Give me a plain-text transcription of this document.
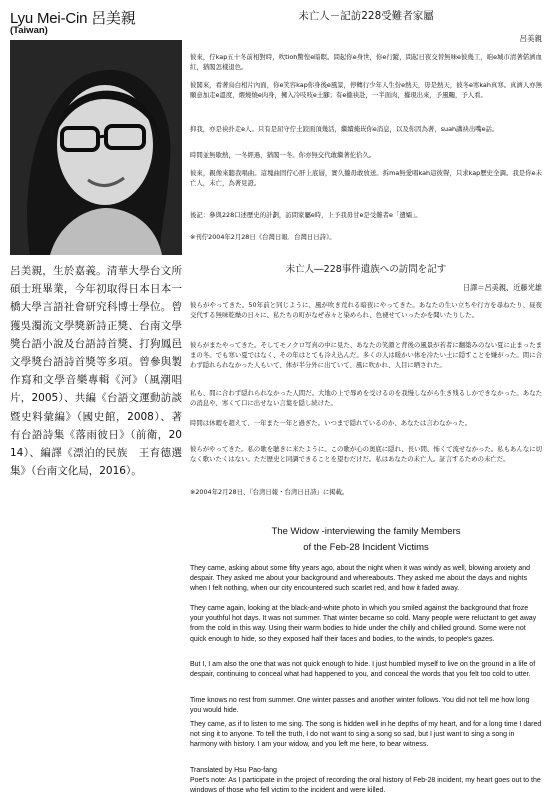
Lyu Mei-Cin 呂美親
(Taiwan)

呂美親，生於嘉義。清華大學台文所碩士班畢業，今年初取得日本日本一橋大學言語社會研究科博士學位。曾獲吳濁流文學獎新詩正獎、台南文學獎台語小說及台語詩首獎、打狗鳳邑文學獎台語詩首獎等多項。曾參與製作寫和文學音樂專輯《河》（風潮唱片，2005）、共編《台語文運動訪談暨史料彙編》（國史館，2008）、著有台語詩集《落雨彼日》（前衛，2014）、編譯《漂泊的民族　王育德選集》（台南文化局，2016）。

未亡人－記訪228受難者家屬

呂美親

彼來，佇kap五十冬前相對時，吹tioh驚惶e暗瞑。問起你e身世，你e行蹤，問起日夜交替無味e彼幾工，咱e城市清著偌濟血紅，猶閣怎樣退色。

彼閣來，看著烏白相片內面，你e笑容kap你身後e風景，停轉行少年人生份e熱天，毋是熱天，彼冬e寒kah真寒。真濟人亦無願意加走e溫度，煨燒燒e肉身，擁入冷吱吱e土腳；有e攏袂赴，一半面肉，據現出來，予風颺，予人看。

抑我，亦是袂扑走e人。只有是屈守佇土跤面頂幾活，繼續掩崁你e消息，以及你因為著，suah講袂出嘴e話。

時間並無歇熱，一冬經過，猶閣一冬。你亦無交代敢繼著佗佮久。

彼來，親像來聽我唱曲。這塊曲固佇心肝上底層，實久攏毋敢放送。拆ma無愛唱kah這彼聲，只求kap歷史全調。我是你e未亡人，未亡，為著見證。

後記：參與228口述歷史的計劃，訪問家屬e時，上予我毋甘e是受難者e「遺孀」。

※刊佇2004年2月28日《台灣日報．台灣日日詩》。

未亡人―228事件遺族への訪問を記す

日譯＝呂美親、近藤光雄

彼らがやってきた。50年前と同じように、風が吹き荒れる暗夜にやってきた。あなたの生い立ちや行方を尋ねたり、昼夜交代する無味乾燥の日々に、私たちの町がなぜ赤々と染められ、色褪せていったかを聞いたりした。

彼らがまたやってきた。そしてモノクロ写真の中に見た、あなたの笑顔と背後の風景が若者に翻築みのない夏に止まったままの冬。でも寒い夏ではなく、その年はとても冷え込んだ。多くの人は暖かい体を冷たい土に隠すことを嫌がった。間に合わず隠れられなかった人もいて、体が半分外に出ていて、風に吹かれ、人目に晒された。

私も、間に合わず隠れられなかった人間だ。大地の上で辱めを受けるのを我慢しながら生き残るしかできなかった。あなたの消息や、寒くて口に出せない言葉を隠し続けた。

時間は休暇を超えて、一年また一年と過ぎた。いつまで隠れているのか、あなたは言わなかった。

彼らがやってきた。私の歌を聴きに来たように。この歌が心の奥底に隠れ、長い間、怖くて流せなかった。私もあんなに切なく歌いたくはない。ただ歴史と同調できることを望むだけだ。私はあなたの未亡人。証言するための未亡だ。

※2004年2月28日、『台湾日報・台湾日日詩』に掲載。

The Widow -interviewing the family Members
of the Feb-28 Incident Victims

They came, asking about some fifty years ago, about the night when it was windy as well, blowing anxiety and despair. They asked me about your background and whereabouts. They asked me about the days and nights when I felt nothing, when our city encountered such scarlet red, and how it faded away.

They came again, looking at the black-and-white photo in which you smiled against the background that froze your youthful hot days. It was not summer. That winter became so cold. Many people were reluctant to get away from the cold in this way. Using their warm bodies to hide under the chilly and chilled ground. Some were not quick enough to hide, so they exposed half their faces and bodies, to the winds, to people's gazes.

But I, I am also the one that was not quick enough to hide. I just humbled myself to live on the ground in a life of despair, continuing to conceal what had happened to you, and conceal the words that you felt too cold to utter.

Time knows no rest from summer. One winter passes and another winter follows. You did not tell me how long you would hide.

They came, as if to listen to me sing. The song is hidden well in he depths of my heart, and for a long time I dared not sing it to anyone. To tell the truth, I do not want to sing a song so sad, but I just want to sing a song in harmony with history. I am your widow, and you left me here, to bear witness.

Translated by Hsu Pao-fang

Poet's note: As I participate in the project of recording the oral history of Feb-28 incident, my heart goes out to the windows of those who fell victim to the incident and were killed.
